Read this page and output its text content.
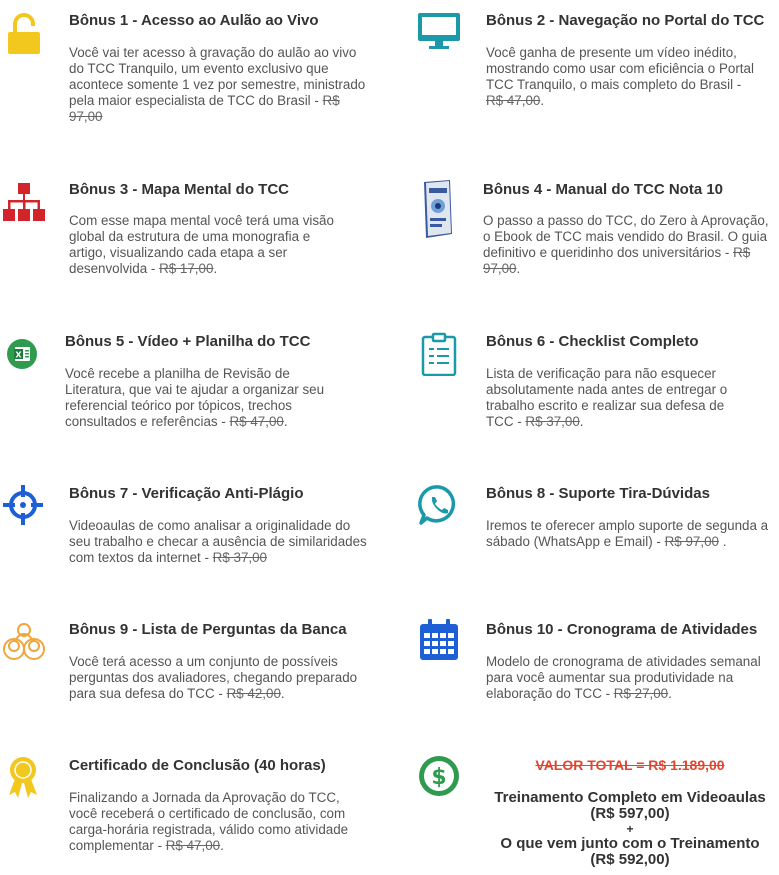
X
$
Bônus 1 - Acesso ao Aulão ao Vivo
Você vai ter acesso à gravação do aulão ao vivo do TCC Tranquilo, um evento exclusivo que acontece somente 1 vez por semestre, ministrado pela maior especialista de TCC do Brasil - R$ 97,00
Bônus 2 - Navegação no Portal do TCC
Você ganha de presente um vídeo inédito, mostrando como usar com eficiência o Portal TCC Tranquilo, o mais completo do Brasil - R$ 47,00.
Bônus 3 - Mapa Mental do TCC
Com esse mapa mental você terá uma visão global da estrutura de uma monografia e artigo, visualizando cada etapa a ser desenvolvida - R$ 17,00.
Bônus 4 - Manual do TCC Nota 10
O passo a passo do TCC, do Zero à Aprovação, o Ebook de TCC mais vendido do Brasil. O guia definitivo e queridinho dos universitários - R$ 97,00.
Bônus 5 - Vídeo + Planilha do TCC
Você recebe a planilha de Revisão de Literatura, que vai te ajudar a organizar seu referencial teórico por tópicos, trechos consultados e referências - R$ 47,00.
Bônus 6 - Checklist Completo
Lista de verificação para não esquecer absolutamente nada antes de entregar o trabalho escrito e realizar sua defesa de TCC - R$ 37,00.
Bônus 7 - Verificação Anti-Plágio
Videoaulas de como analisar a originalidade do seu trabalho e checar a ausência de similaridades com textos da internet - R$ 37,00
Bônus 8 - Suporte Tira-Dúvidas
Iremos te oferecer amplo suporte de segunda a sábado (WhatsApp e Email) - R$ 97,00 .
Bônus 9 - Lista de Perguntas da Banca
Você terá acesso a um conjunto de possíveis perguntas dos avaliadores, chegando preparado para sua defesa do TCC - R$ 42,00.
Bônus 10 - Cronograma de Atividades
Modelo de cronograma de atividades semanal para você aumentar sua produtividade na elaboração do TCC - R$ 27,00.
Certificado de Conclusão (40 horas)
Finalizando a Jornada da Aprovação do TCC, você receberá o certificado de conclusão, com carga-horária registrada, válido como atividade complementar - R$ 47,00.
VALOR TOTAL = R$ 1.189,00
Treinamento Completo em Videoaulas
(R$ 597,00)
+
O que vem junto com o Treinamento
(R$ 592,00)
